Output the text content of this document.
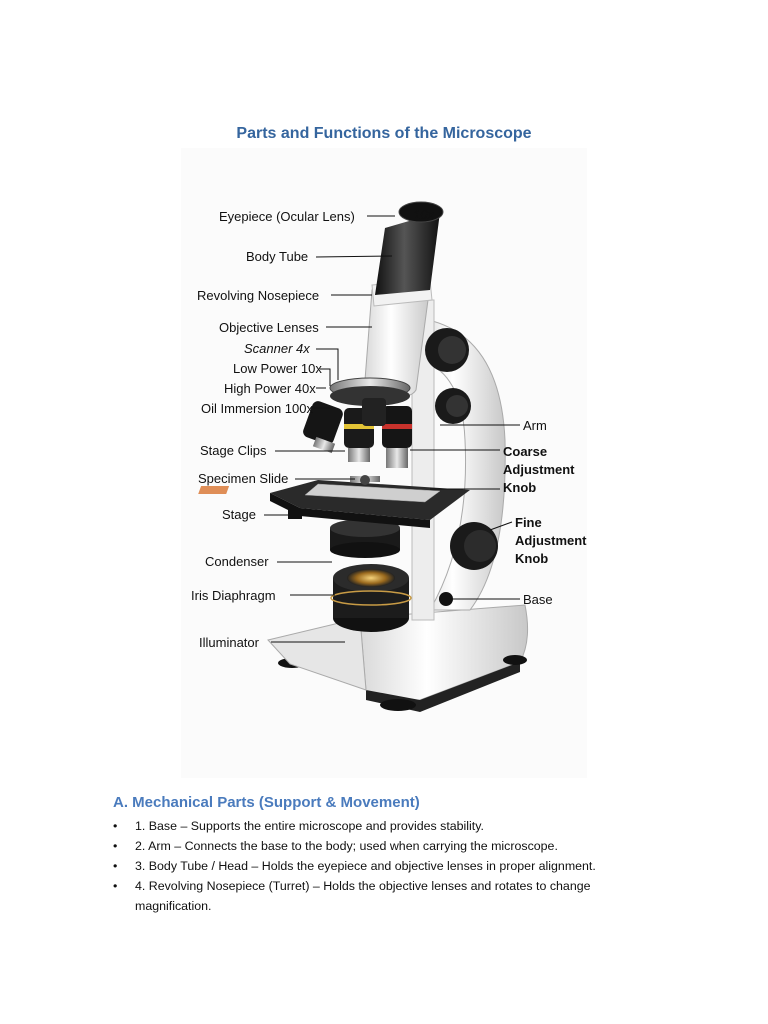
Parts and Functions of the Microscope
10x
Eyepiece (Ocular Lens)
Body Tube
Revolving Nosepiece
Objective Lenses
Scanner 4x
Low Power 10x
High Power 40x
Oil Immersion 100x
Stage Clips
Specimen Slide
Stage
Condenser
Iris Diaphragm
Illuminator
Arm
Coarse
Adjustment
Knob
Fine
Adjustment
Knob
Base
A. Mechanical Parts (Support & Movement)
• 1. Base – Supports the entire microscope and provides stability.
• 2. Arm – Connects the base to the body; used when carrying the microscope.
• 3. Body Tube / Head – Holds the eyepiece and objective lenses in proper alignment.
• 4. Revolving Nosepiece (Turret) – Holds the objective lenses and rotates to change magnification.
